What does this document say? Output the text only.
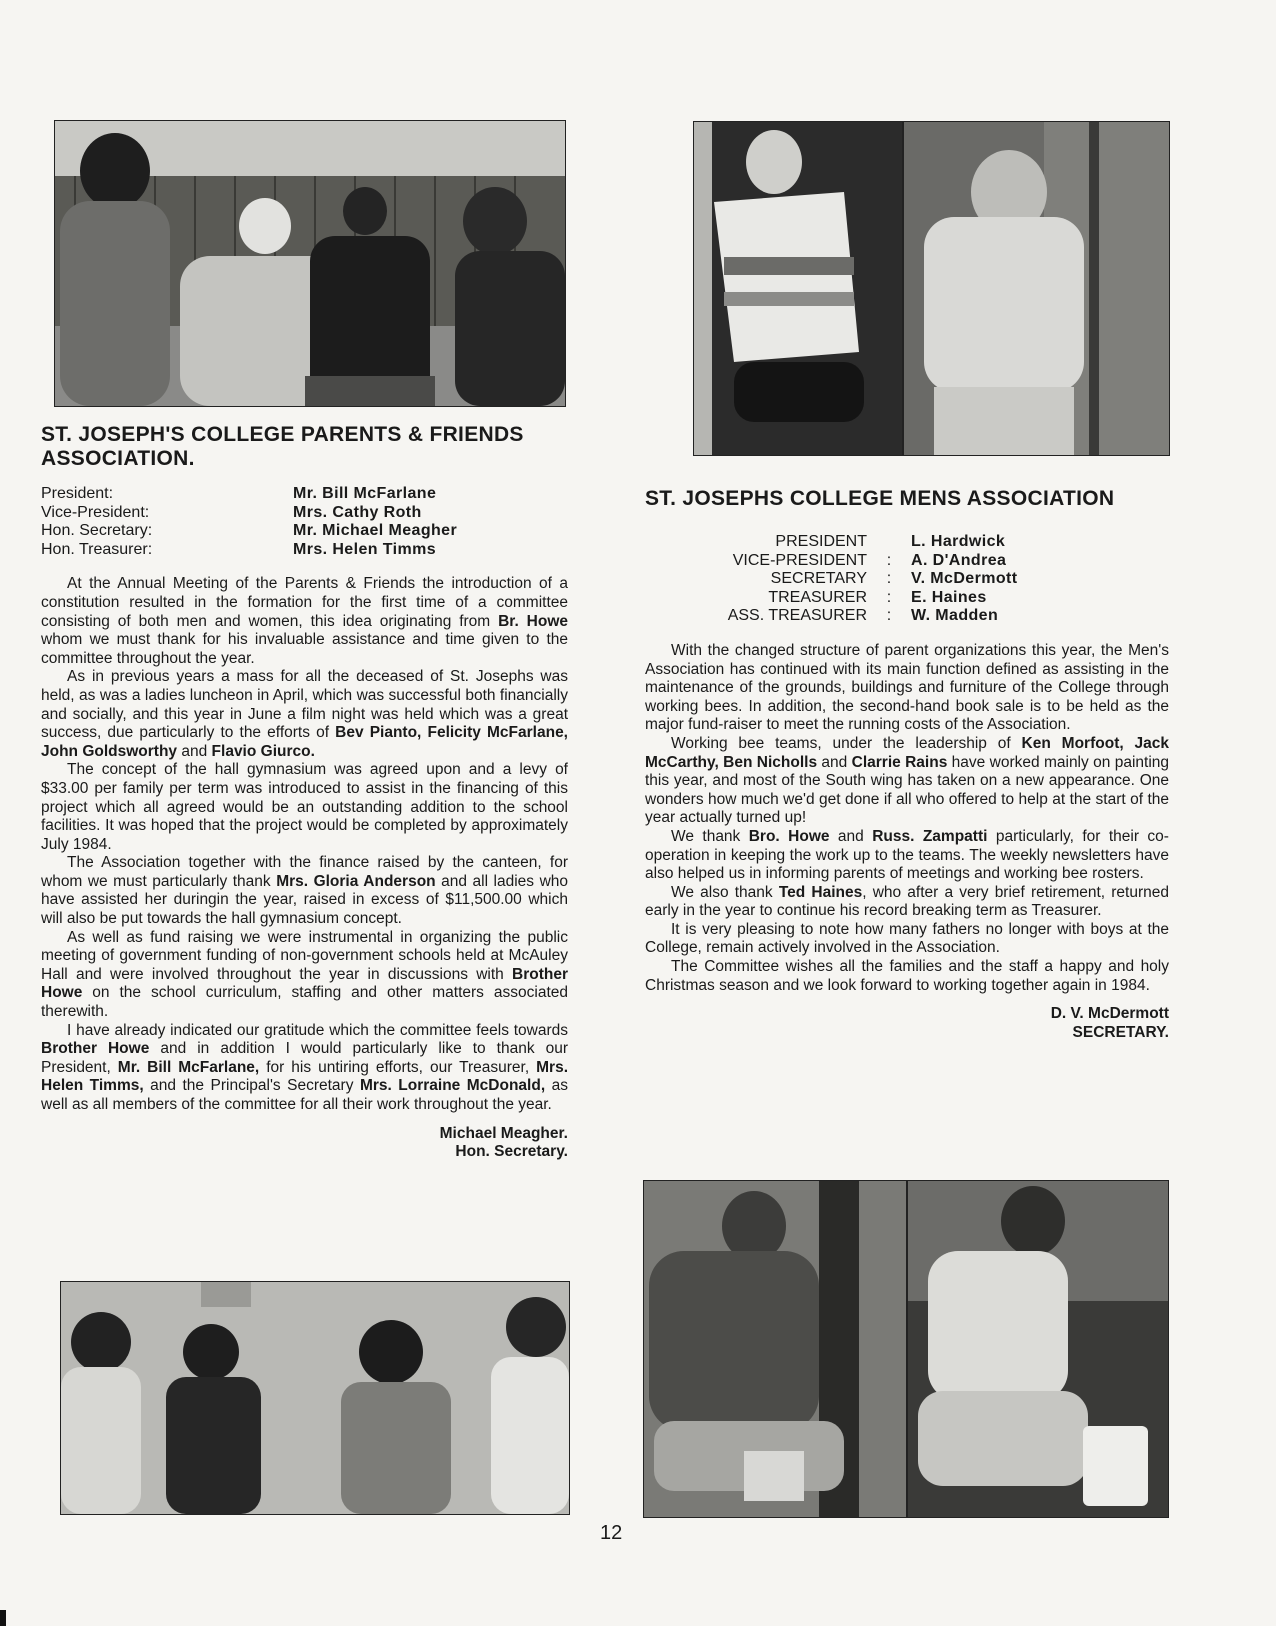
ST. JOSEPH'S COLLEGE PARENTS & FRIENDS
ASSOCIATION.
President:	Mr. Bill McFarlane
Vice-President:	Mrs. Cathy Roth
Hon. Secretary:	Mr. Michael Meagher
Hon. Treasurer:	Mrs. Helen Timms

At the Annual Meeting of the Parents & Friends the introduction of a constitution resulted in the formation for the first time of a committee consisting of both men and women, this idea originating from Br. Howe whom we must thank for his invaluable assistance and time given to the committee throughout the year.

As in previous years a mass for all the deceased of St. Josephs was held, as was a ladies luncheon in April, which was successful both financially and socially, and this year in June a film night was held which was a great success, due particularly to the efforts of Bev Pianto, Felicity McFarlane, John Goldsworthy and Flavio Giurco.

The concept of the hall gymnasium was agreed upon and a levy of $33.00 per family per term was introduced to assist in the financing of this project which all agreed would be an outstanding addition to the school facilities. It was hoped that the project would be completed by approximately July 1984.

The Association together with the finance raised by the canteen, for whom we must particularly thank Mrs. Gloria Anderson and all ladies who have assisted her duringin the year, raised in excess of $11,500.00 which will also be put towards the hall gymnasium concept.

As well as fund raising we were instrumental in organizing the public meeting of government funding of non-government schools held at McAuley Hall and were involved throughout the year in discussions with Brother Howe on the school curriculum, staffing and other matters associated therewith.

I have already indicated our gratitude which the committee feels towards Brother Howe and in addition I would particularly like to thank our President, Mr. Bill McFarlane, for his untiring efforts, our Treasurer, Mrs. Helen Timms, and the Principal's Secretary Mrs. Lorraine McDonald, as well as all members of the committee for all their work throughout the year.

Michael Meagher.
Hon. Secretary.
ST. JOSEPHS COLLEGE MENS ASSOCIATION
PRESIDENT		L. Hardwick
VICE-PRESIDENT	:	A. D'Andrea
SECRETARY	:	V. McDermott
TREASURER	:	E. Haines
ASS. TREASURER	:	W. Madden

With the changed structure of parent organizations this year, the Men's Association has continued with its main function defined as assisting in the maintenance of the grounds, buildings and furniture of the College through working bees. In addition, the second-hand book sale is to be held as the major fund-raiser to meet the running costs of the Association.

Working bee teams, under the leadership of Ken Morfoot, Jack McCarthy, Ben Nicholls and Clarrie Rains have worked mainly on painting this year, and most of the South wing has taken on a new appearance. One wonders how much we'd get done if all who offered to help at the start of the year actually turned up!

We thank Bro. Howe and Russ. Zampatti particularly, for their co-operation in keeping the work up to the teams. The weekly newsletters have also helped us in informing parents of meetings and working bee rosters.

We also thank Ted Haines, who after a very brief retirement, returned early in the year to continue his record breaking term as Treasurer.

It is very pleasing to note how many fathers no longer with boys at the College, remain actively involved in the Association.

The Committee wishes all the families and the staff a happy and holy Christmas season and we look forward to working together again in 1984.

D. V. McDermott
SECRETARY.
12
